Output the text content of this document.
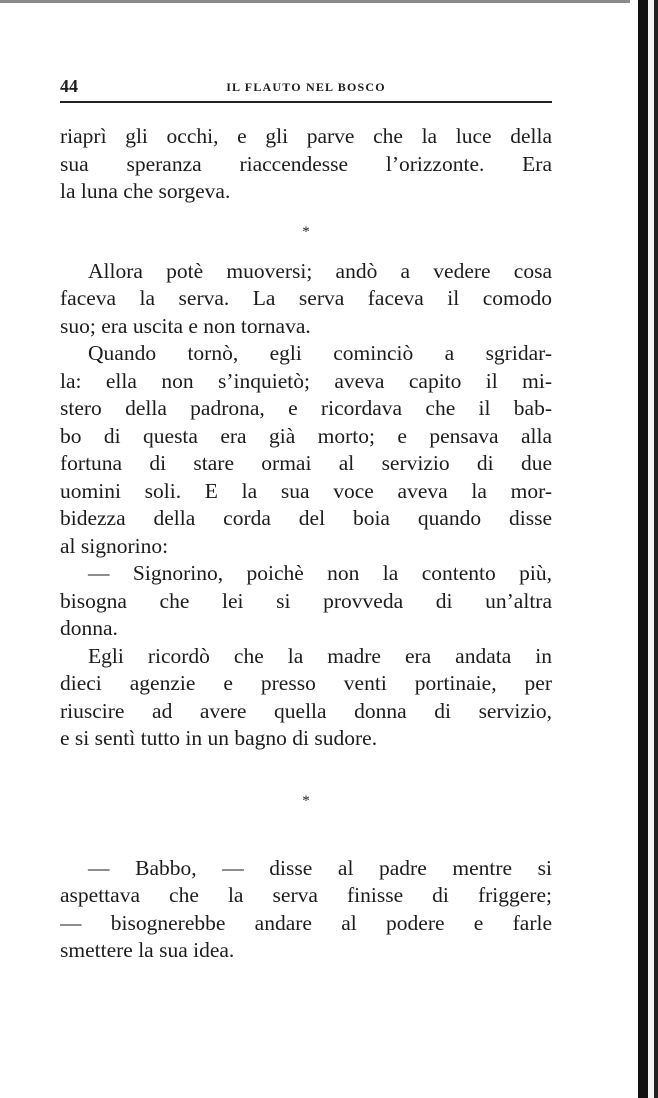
44	IL FLAUTO NEL BOSCO
riaprì gli occhi, e gli parve che la luce della
sua speranza riaccendesse l’orizzonte. Era
la luna che sorgeva.
*
Allora potè muoversi; andò a vedere cosa
faceva la serva. La serva faceva il comodo
suo; era uscita e non tornava.
Quando tornò, egli cominciò a sgridar-
la: ella non s’inquietò; aveva capito il mi-
stero della padrona, e ricordava che il bab-
bo di questa era già morto; e pensava alla
fortuna di stare ormai al servizio di due
uomini soli. E la sua voce aveva la mor-
bidezza della corda del boia quando disse
al signorino:
— Signorino, poichè non la contento più,
bisogna che lei si provveda di un’altra
donna.
Egli ricordò che la madre era andata in
dieci agenzie e presso venti portinaie, per
riuscire ad avere quella donna di servizio,
e si sentì tutto in un bagno di sudore.
*
— Babbo, — disse al padre mentre si
aspettava che la serva finisse di friggere;
— bisognerebbe andare al podere e farle
smettere la sua idea.
